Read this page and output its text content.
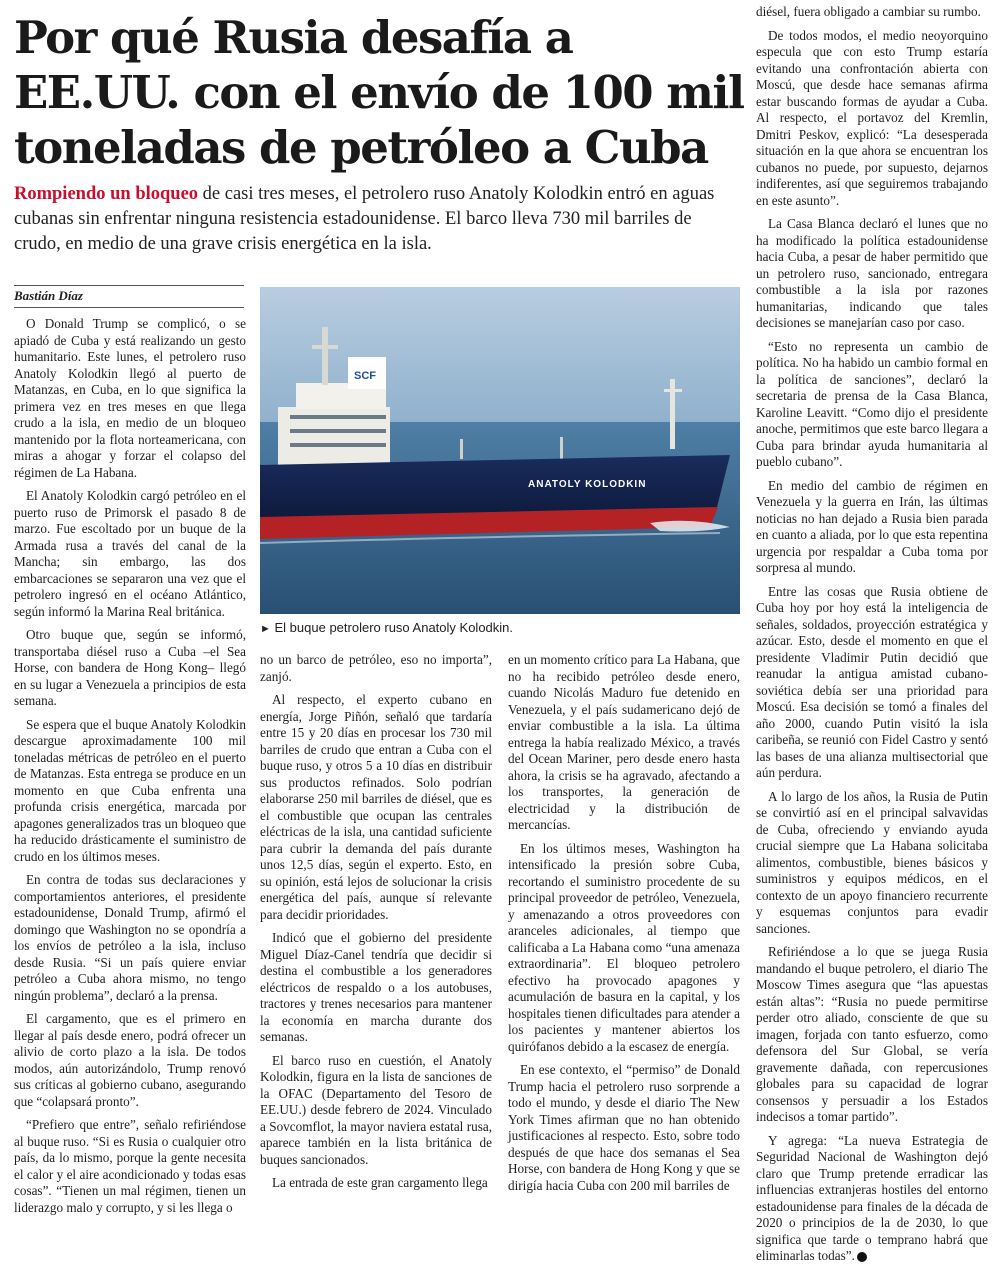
Por qué Rusia desafía a EE.UU. con el envío de 100 mil toneladas de petróleo a Cuba

Rompiendo un bloqueo de casi tres meses, el petrolero ruso Anatoly Kolodkin entró en aguas cubanas sin enfrentar ninguna resistencia estadounidense. El barco lleva 730 mil barriles de crudo, en medio de una grave crisis energética en la isla.

Bastián Díaz

O Donald Trump se complicó, o se apiadó de Cuba y está realizando un gesto humanitario. Este lunes, el petrolero ruso Anatoly Kolodkin llegó al puerto de Matanzas, en Cuba, en lo que significa la primera vez en tres meses en que llega crudo a la isla, en medio de un bloqueo mantenido por la flota norteamericana, con miras a ahogar y forzar el colapso del régimen de La Habana.

El Anatoly Kolodkin cargó petróleo en el puerto ruso de Primorsk el pasado 8 de marzo. Fue escoltado por un buque de la Armada rusa a través del canal de la Mancha; sin embargo, las dos embarcaciones se separaron una vez que el petrolero ingresó en el océano Atlántico, según informó la Marina Real británica.

Otro buque que, según se informó, transportaba diésel ruso a Cuba –el Sea Horse, con bandera de Hong Kong– llegó en su lugar a Venezuela a principios de esta semana.

Se espera que el buque Anatoly Kolodkin descargue aproximadamente 100 mil toneladas métricas de petróleo en el puerto de Matanzas. Esta entrega se produce en un momento en que Cuba enfrenta una profunda crisis energética, marcada por apagones generalizados tras un bloqueo que ha reducido drásticamente el suministro de crudo en los últimos meses.

En contra de todas sus declaraciones y comportamientos anteriores, el presidente estadounidense, Donald Trump, afirmó el domingo que Washington no se opondría a los envíos de petróleo a la isla, incluso desde Rusia. “Si un país quiere enviar petróleo a Cuba ahora mismo, no tengo ningún problema”, declaró a la prensa.

El cargamento, que es el primero en llegar al país desde enero, podrá ofrecer un alivio de corto plazo a la isla. De todos modos, aún autorizándolo, Trump renovó sus críticas al gobierno cubano, asegurando que “colapsará pronto”.

“Prefiero que entre”, señalo refiriéndose al buque ruso. “Si es Rusia o cualquier otro país, da lo mismo, porque la gente necesita el calor y el aire acondicionado y todas esas cosas”. “Tienen un mal régimen, tienen un liderazgo malo y corrupto, y si les llega o

SCF
ANATOLY KOLODKIN

► El buque petrolero ruso Anatoly Kolodkin.

no un barco de petróleo, eso no importa”, zanjó.

Al respecto, el experto cubano en energía, Jorge Piñón, señaló que tardaría entre 15 y 20 días en procesar los 730 mil barriles de crudo que entran a Cuba con el buque ruso, y otros 5 a 10 días en distribuir sus productos refinados. Solo podrían elaborarse 250 mil barriles de diésel, que es el combustible que ocupan las centrales eléctricas de la isla, una cantidad suficiente para cubrir la demanda del país durante unos 12,5 días, según el experto. Esto, en su opinión, está lejos de solucionar la crisis energética del país, aunque sí relevante para decidir prioridades.

Indicó que el gobierno del presidente Miguel Díaz-Canel tendría que decidir si destina el combustible a los generadores eléctricos de respaldo o a los autobuses, tractores y trenes necesarios para mantener la economía en marcha durante dos semanas.

El barco ruso en cuestión, el Anatoly Kolodkin, figura en la lista de sanciones de la OFAC (Departamento del Tesoro de EE.UU.) desde febrero de 2024. Vinculado a Sovcomflot, la mayor naviera estatal rusa, aparece también en la lista británica de buques sancionados.

La entrada de este gran cargamento llega

en un momento crítico para La Habana, que no ha recibido petróleo desde enero, cuando Nicolás Maduro fue detenido en Venezuela, y el país sudamericano dejó de enviar combustible a la isla. La última entrega la había realizado México, a través del Ocean Mariner, pero desde enero hasta ahora, la crisis se ha agravado, afectando a los transportes, la generación de electricidad y la distribución de mercancías.

En los últimos meses, Washington ha intensificado la presión sobre Cuba, recortando el suministro procedente de su principal proveedor de petróleo, Venezuela, y amenazando a otros proveedores con aranceles adicionales, al tiempo que calificaba a La Habana como “una amenaza extraordinaria”. El bloqueo petrolero efectivo ha provocado apagones y acumulación de basura en la capital, y los hospitales tienen dificultades para atender a los pacientes y mantener abiertos los quirófanos debido a la escasez de energía.

En ese contexto, el “permiso” de Donald Trump hacia el petrolero ruso sorprende a todo el mundo, y desde el diario The New York Times afirman que no han obtenido justificaciones al respecto. Esto, sobre todo después de que hace dos semanas el Sea Horse, con bandera de Hong Kong y que se dirigía hacia Cuba con 200 mil barriles de

diésel, fuera obligado a cambiar su rumbo.

De todos modos, el medio neoyorquino especula que con esto Trump estaría evitando una confrontación abierta con Moscú, que desde hace semanas afirma estar buscando formas de ayudar a Cuba. Al respecto, el portavoz del Kremlin, Dmitri Peskov, explicó: “La desesperada situación en la que ahora se encuentran los cubanos no puede, por supuesto, dejarnos indiferentes, así que seguiremos trabajando en este asunto”.

La Casa Blanca declaró el lunes que no ha modificado la política estadounidense hacia Cuba, a pesar de haber permitido que un petrolero ruso, sancionado, entregara combustible a la isla por razones humanitarias, indicando que tales decisiones se manejarían caso por caso.

“Esto no representa un cambio de política. No ha habido un cambio formal en la política de sanciones”, declaró la secretaria de prensa de la Casa Blanca, Karoline Leavitt. “Como dijo el presidente anoche, permitimos que este barco llegara a Cuba para brindar ayuda humanitaria al pueblo cubano”.

En medio del cambio de régimen en Venezuela y la guerra en Irán, las últimas noticias no han dejado a Rusia bien parada en cuanto a aliada, por lo que esta repentina urgencia por respaldar a Cuba toma por sorpresa al mundo.

Entre las cosas que Rusia obtiene de Cuba hoy por hoy está la inteligencia de señales, soldados, proyección estratégica y azúcar. Esto, desde el momento en que el presidente Vladimir Putin decidió que reanudar la antigua amistad cubano-soviética debía ser una prioridad para Moscú. Esa decisión se tomó a finales del año 2000, cuando Putin visitó la isla caribeña, se reunió con Fidel Castro y sentó las bases de una alianza multisectorial que aún perdura.

A lo largo de los años, la Rusia de Putin se convirtió así en el principal salvavidas de Cuba, ofreciendo y enviando ayuda crucial siempre que La Habana solicitaba alimentos, combustible, bienes básicos y suministros y equipos médicos, en el contexto de un apoyo financiero recurrente y esquemas conjuntos para evadir sanciones.

Refiriéndose a lo que se juega Rusia mandando el buque petrolero, el diario The Moscow Times asegura que “las apuestas están altas”: “Rusia no puede permitirse perder otro aliado, consciente de que su imagen, forjada con tanto esfuerzo, como defensora del Sur Global, se vería gravemente dañada, con repercusiones globales para su capacidad de lograr consensos y persuadir a los Estados indecisos a tomar partido”.

Y agrega: “La nueva Estrategia de Seguridad Nacional de Washington dejó claro que Trump pretende erradicar las influencias extranjeras hostiles del entorno estadounidense para finales de la década de 2020 o principios de la de 2030, lo que significa que tarde o temprano habrá que eliminarlas todas”.
